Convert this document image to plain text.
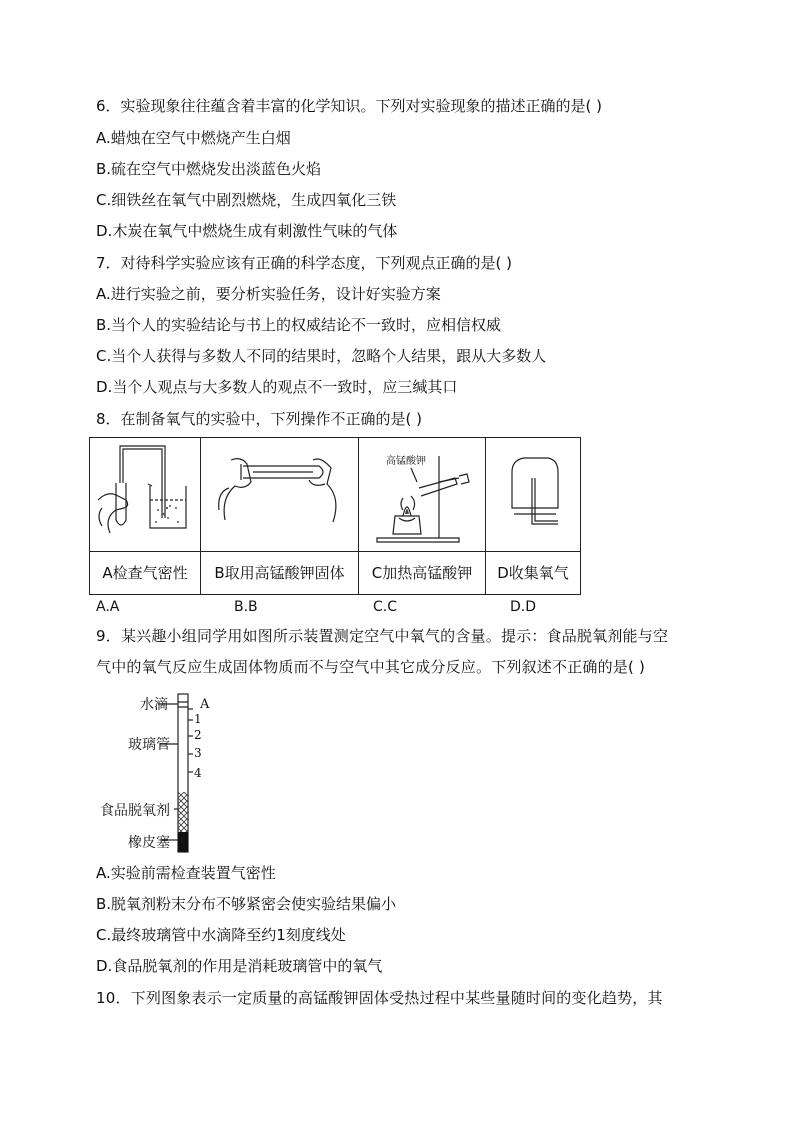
6．实验现象往往蕴含着丰富的化学知识。下列对实验现象的描述正确的是( )
A.蜡烛在空气中燃烧产生白烟
B.硫在空气中燃烧发出淡蓝色火焰
C.细铁丝在氧气中剧烈燃烧，生成四氧化三铁
D.木炭在氧气中燃烧生成有刺激性气味的气体
7．对待科学实验应该有正确的科学态度，下列观点正确的是( )
A.进行实验之前，要分析实验任务，设计好实验方案
B.当个人的实验结论与书上的权威结论不一致时，应相信权威
C.当个人获得与多数人不同的结果时，忽略个人结果，跟从大多数人
D.当个人观点与大多数人的观点不一致时，应三缄其口
8．在制备氧气的实验中，下列操作不正确的是( )
A检查气密性	B取用高锰酸钾固体
高锰酸钾
C加热高锰酸钾	D收集氧气
A.A	B.B	C.C	D.D
9．某兴趣小组同学用如图所示装置测定空气中氧气的含量。提示：食品脱氧剂能与空
气中的氧气反应生成固体物质而不与空气中其它成分反应。下列叙述不正确的是( )
水滴
玻璃管
食品脱氧剂
橡皮塞
A
1
2
3
4
A.实验前需检查装置气密性
B.脱氧剂粉末分布不够紧密会使实验结果偏小
C.最终玻璃管中水滴降至约1刻度线处
D.食品脱氧剂的作用是消耗玻璃管中的氧气
10．下列图象表示一定质量的高锰酸钾固体受热过程中某些量随时间的变化趋势，其
